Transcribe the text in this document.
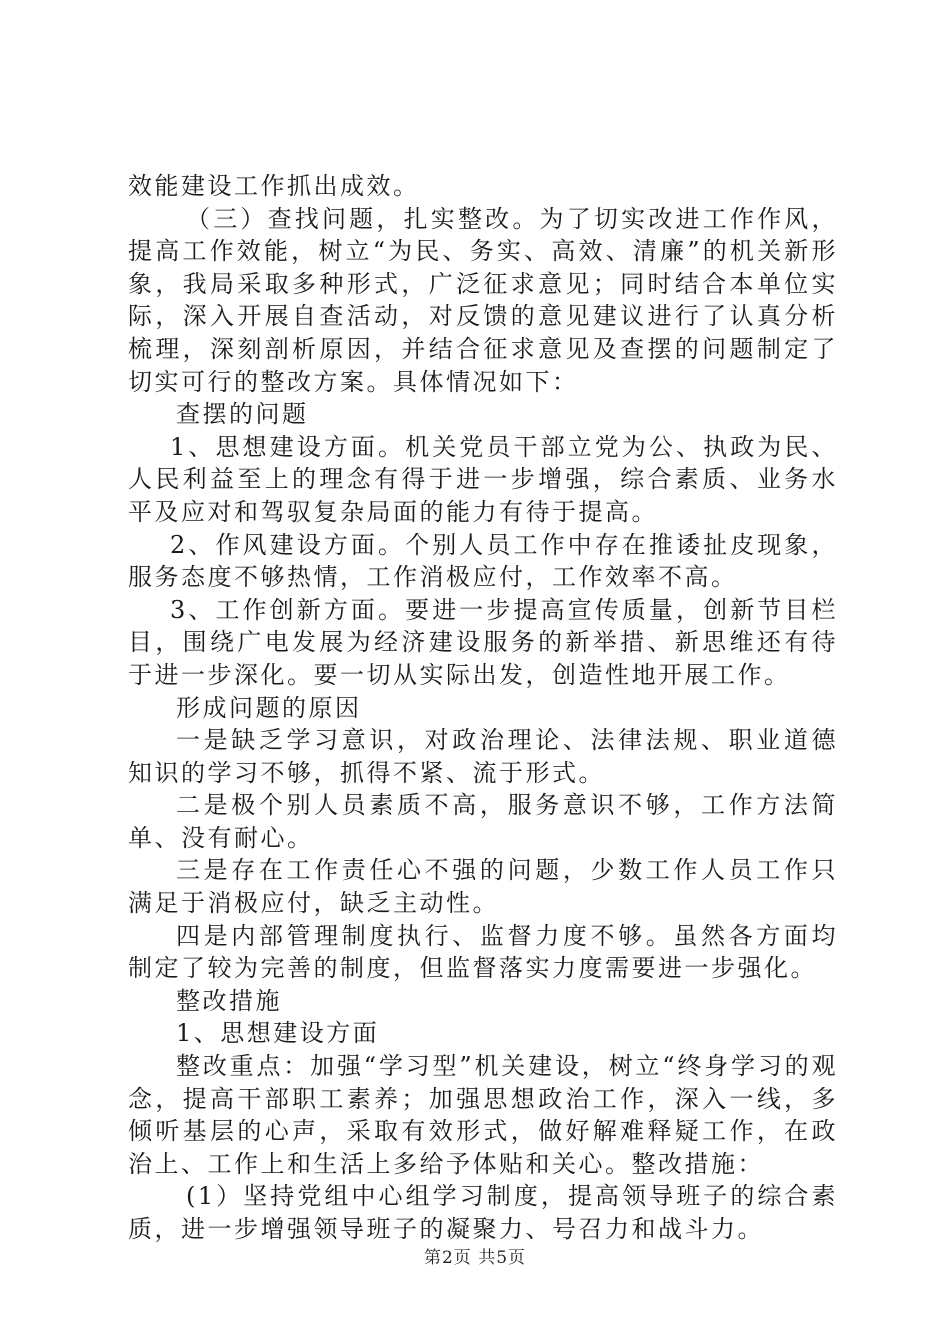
效能建设工作抓出成效。

（三）查找问题，扎实整改。为了切实改进工作作风，提高工作效能，树立“为民、务实、高效、清廉”的机关新形象，我局采取多种形式，广泛征求意见；同时结合本单位实际，深入开展自查活动，对反馈的意见建议进行了认真分析梳理，深刻剖析原因，并结合征求意见及查摆的问题制定了切实可行的整改方案。具体情况如下：

查摆的问题

1、思想建设方面。机关党员干部立党为公、执政为民、人民利益至上的理念有得于进一步增强，综合素质、业务水平及应对和驾驭复杂局面的能力有待于提高。

2、作风建设方面。个别人员工作中存在推诿扯皮现象，服务态度不够热情，工作消极应付，工作效率不高。

3、工作创新方面。要进一步提高宣传质量，创新节目栏目，围绕广电发展为经济建设服务的新举措、新思维还有待于进一步深化。要一切从实际出发，创造性地开展工作。

形成问题的原因

一是缺乏学习意识，对政治理论、法律法规、职业道德知识的学习不够，抓得不紧、流于形式。

二是极个别人员素质不高，服务意识不够，工作方法简单、没有耐心。

三是存在工作责任心不强的问题，少数工作人员工作只满足于消极应付，缺乏主动性。

四是内部管理制度执行、监督力度不够。虽然各方面均制定了较为完善的制度，但监督落实力度需要进一步强化。

整改措施

1、思想建设方面

整改重点：加强“学习型”机关建设，树立“终身学习的观念，提高干部职工素养；加强思想政治工作，深入一线，多倾听基层的心声，采取有效形式，做好解难释疑工作，在政治上、工作上和生活上多给予体贴和关心。整改措施：

(1）坚持党组中心组学习制度，提高领导班子的综合素质，进一步增强领导班子的凝聚力、号召力和战斗力。

第2页 共5页
